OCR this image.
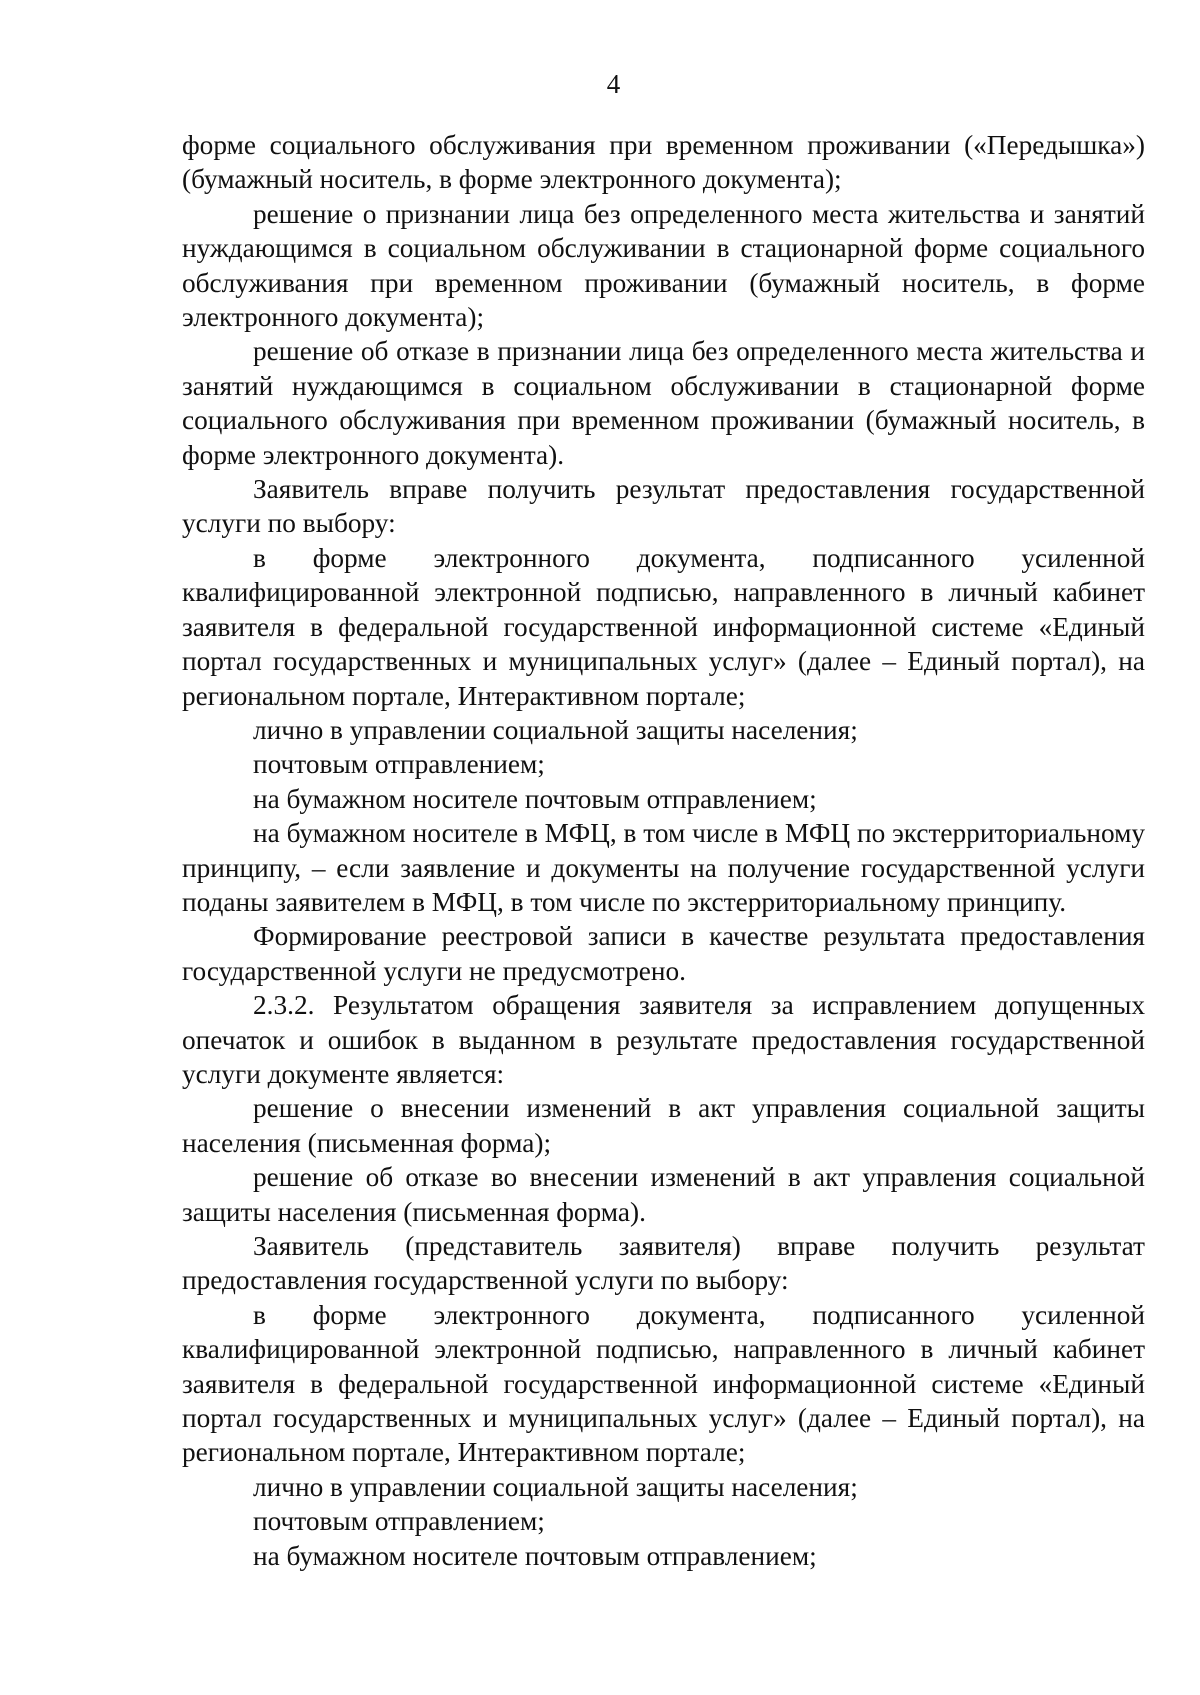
4

форме социального обслуживания при временном проживании («Передышка») (бумажный носитель, в форме электронного документа);

решение о признании лица без определенного места жительства и занятий нуждающимся в социальном обслуживании в стационарной форме социального обслуживания при временном проживании (бумажный носитель, в форме электронного документа);

решение об отказе в признании лица без определенного места жительства и занятий нуждающимся в социальном обслуживании в стационарной форме социального обслуживания при временном проживании (бумажный носитель, в форме электронного документа).

Заявитель вправе получить результат предоставления государственной услуги по выбору:

в форме электронного документа, подписанного усиленной квалифицированной электронной подписью, направленного в личный кабинет заявителя в федеральной государственной информационной системе «Единый портал государственных и муниципальных услуг» (далее – Единый портал), на региональном портале, Интерактивном портале;

лично в управлении социальной защиты населения;

почтовым отправлением;

на бумажном носителе почтовым отправлением;

на бумажном носителе в МФЦ, в том числе в МФЦ по экстерриториальному принципу, – если заявление и документы на получение государственной услуги поданы заявителем в МФЦ, в том числе по экстерриториальному принципу.

Формирование реестровой записи в качестве результата предоставления государственной услуги не предусмотрено.

2.3.2. Результатом обращения заявителя за исправлением допущенных опечаток и ошибок в выданном в результате предоставления государственной услуги документе является:

решение о внесении изменений в акт управления социальной защиты населения (письменная форма);

решение об отказе во внесении изменений в акт управления социальной защиты населения (письменная форма).

Заявитель (представитель заявителя) вправе получить результат предоставления государственной услуги по выбору:

в форме электронного документа, подписанного усиленной квалифицированной электронной подписью, направленного в личный кабинет заявителя в федеральной государственной информационной системе «Единый портал государственных и муниципальных услуг» (далее – Единый портал), на региональном портале, Интерактивном портале;

лично в управлении социальной защиты населения;

почтовым отправлением;

на бумажном носителе почтовым отправлением;
